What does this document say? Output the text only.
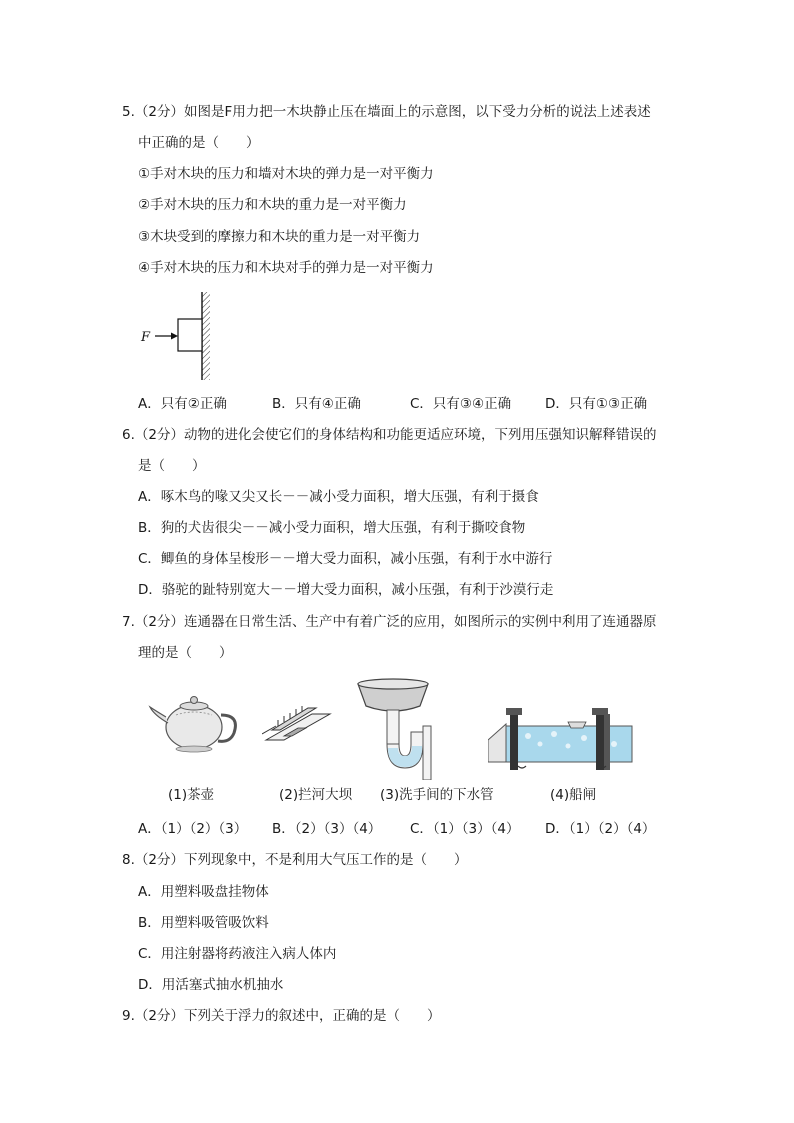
5.（2分）如图是F用力把一木块静止压在墙面上的示意图，以下受力分析的说法上述表述
中正确的是（　　）
①手对木块的压力和墙对木块的弹力是一对平衡力
②手对木块的压力和木块的重力是一对平衡力
③木块受到的摩擦力和木块的重力是一对平衡力
④手对木块的压力和木块对手的弹力是一对平衡力
F
A．只有②正确	B．只有④正确	C．只有③④正确	D．只有①③正确
6.（2分）动物的进化会使它们的身体结构和功能更适应环境，下列用压强知识解释错误的
是（　　）
A．啄木鸟的喙又尖又长－－减小受力面积，增大压强，有利于摄食
B．狗的犬齿很尖－－减小受力面积，增大压强，有利于撕咬食物
C．鲫鱼的身体呈梭形－－增大受力面积，减小压强，有利于水中游行
D．骆驼的趾特别宽大－－增大受力面积，减小压强，有利于沙漠行走
7.（2分）连通器在日常生活、生产中有着广泛的应用，如图所示的实例中利用了连通器原
理的是（　　）
(1)茶壶	(2)拦河大坝 (3)洗手间的下水管	(4)船闸
A．（1）（2）（3） B．（2）（3）（4） C．（1）（3）（4） D．（1）（2）（4）
8.（2分）下列现象中，不是利用大气压工作的是（　　）
A．用塑料吸盘挂物体
B．用塑料吸管吸饮料
C．用注射器将药液注入病人体内
D．用活塞式抽水机抽水
9.（2分）下列关于浮力的叙述中，正确的是（　　）
